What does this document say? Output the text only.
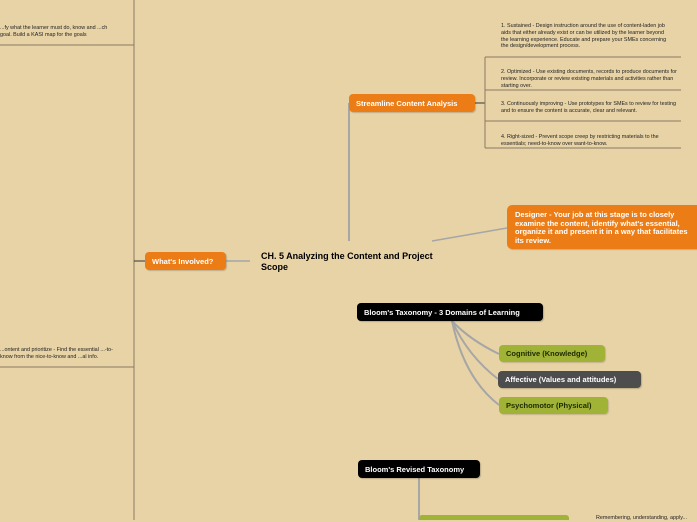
...fy what the learner must do, know and ...ch goal. Build a KASI map for the goals
...ontent and prioritize - Find the essential ...-to-know from the nice-to-know and ...al info.
What's Involved?	CH. 5 Analyzing the Content and Project Scope
Streamline Content Analysis
1. Sustained - Design instruction around the use of content-laden job aids that either already exist or can be utilized by the learner beyond the learning experience. Educate and prepare your SMEs concerning the design/development process.
2. Optimized - Use existing documents, records to produce documents for review. Incorporate or review existing materials and activities rather than starting over.
3. Continuously improving - Use prototypes for SMEs to review for testing and to ensure the content is accurate, clear and relevant.
4. Right-sized - Prevent scope creep by restricting materials to the essentials; need-to-know over want-to-know.
Designer - Your job at this stage is to closely examine the content, identify what's essential, organize it and present it in a way that facilitates its review.
Bloom's Taxonomy - 3 Domains of Learning
Cognitive (Knowledge)
Affective (Values and attitudes)
Psychomotor (Physical)
Bloom's Revised Taxonomy
Remembering, understanding, apply...
